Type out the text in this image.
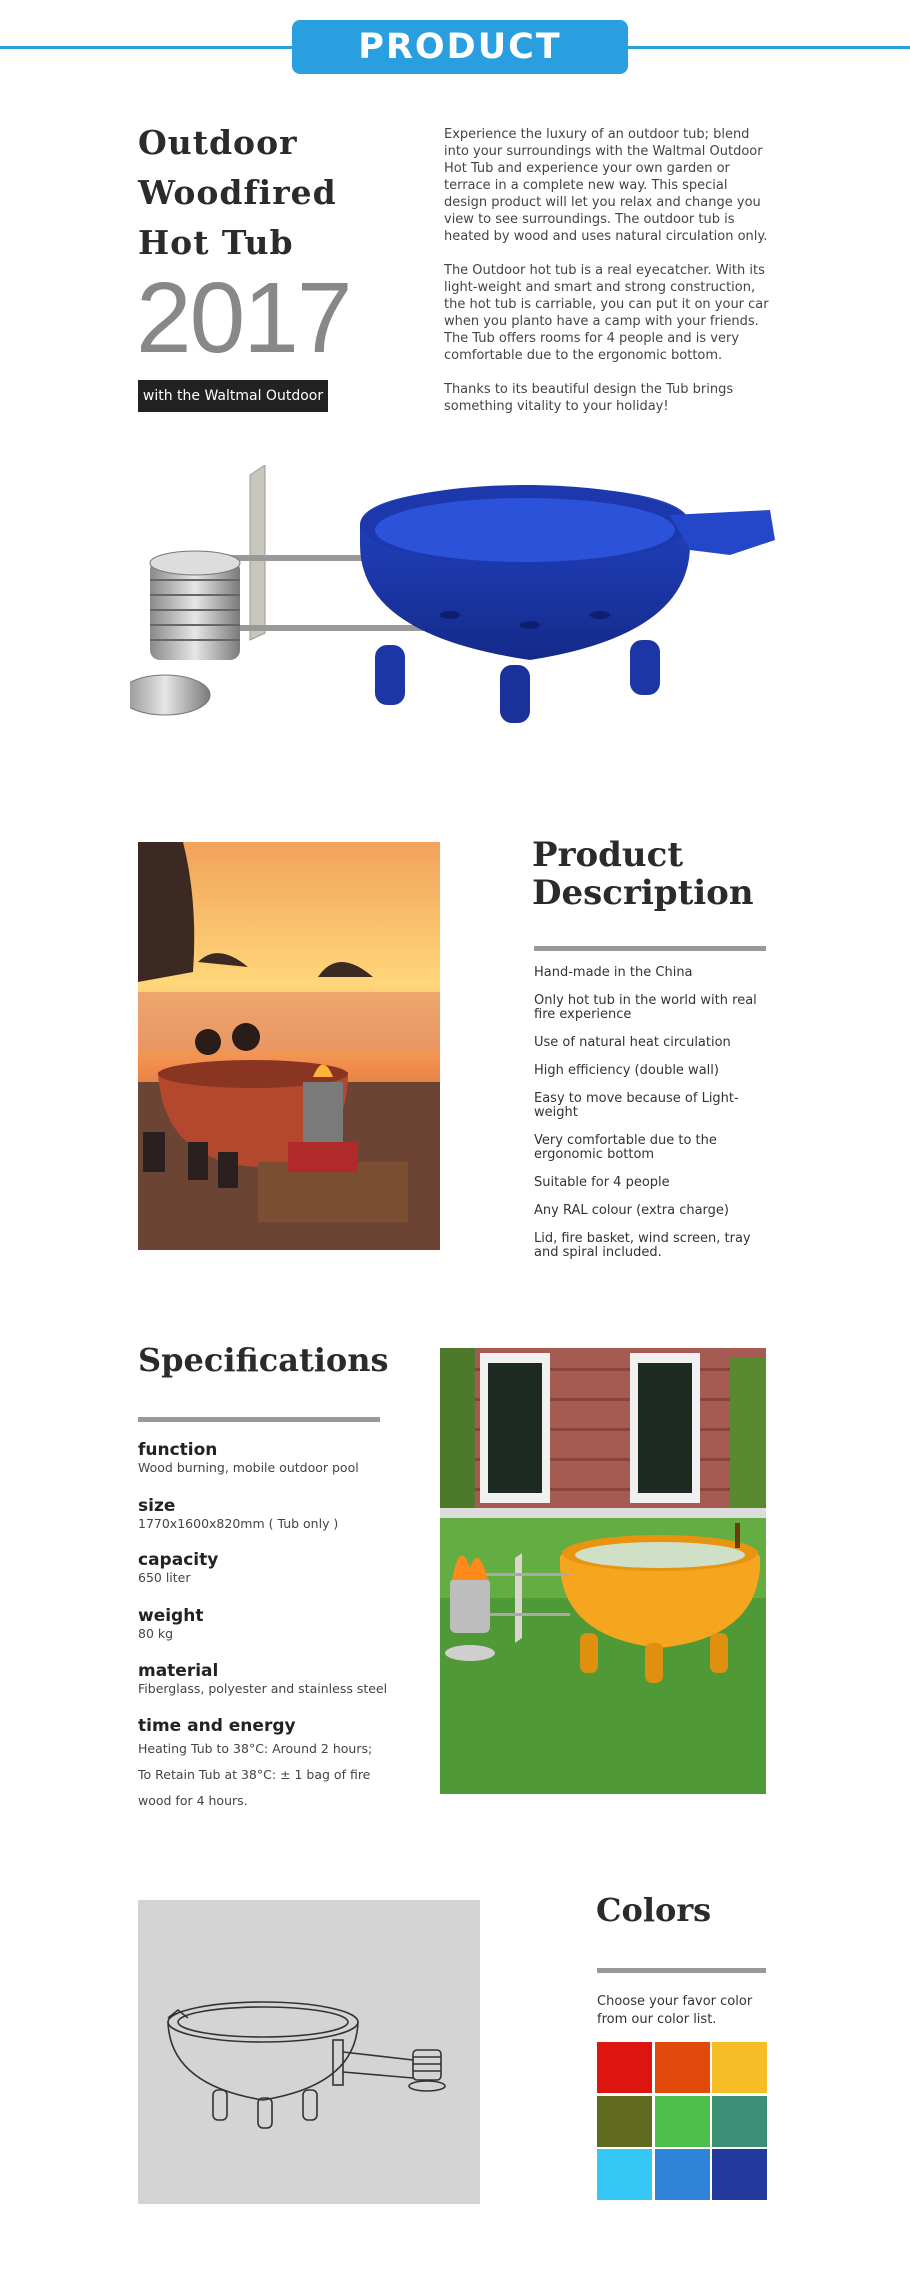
PRODUCT SHOW
Outdoor
Woodfired
Hot Tub
2017
with the Waltmal Outdoor

Experience the luxury of an outdoor tub; blend into your surroundings with the Waltmal Outdoor Hot Tub and experience your own garden or terrace in a complete new way. This special design product will let you relax and change you view to see surroundings. The outdoor tub is heated by wood and uses natural circulation only.

The Outdoor hot tub is a real eyecatcher. With its light-weight and smart and strong construction, the hot tub is carriable, you can put it on your car when you planto have a camp with your friends. The Tub offers rooms for 4 people and is very comfortable due to the ergonomic bottom.

Thanks to its beautiful design the Tub brings something vitality to your holiday!

Product
Description
Hand-made in the China
Only hot tub in the world with real fire experience
Use of natural heat circulation
High efficiency (double wall)
Easy to move because of Light-weight
Very comfortable due to the ergonomic bottom
Suitable for 4 people
Any RAL colour (extra charge)
Lid, fire basket, wind screen, tray and spiral included.
Specifications
function
Wood burning, mobile outdoor pool
size
1770x1600x820mm ( Tub only )
capacity
650 liter
weight
80 kg
material
Fiberglass, polyester and stainless steel
time and energy
Heating Tub to 38°C: Around 2 hours; To Retain Tub at 38°C: ± 1 bag of fire wood for 4 hours.
Colors
Choose your favor color from our color list.
